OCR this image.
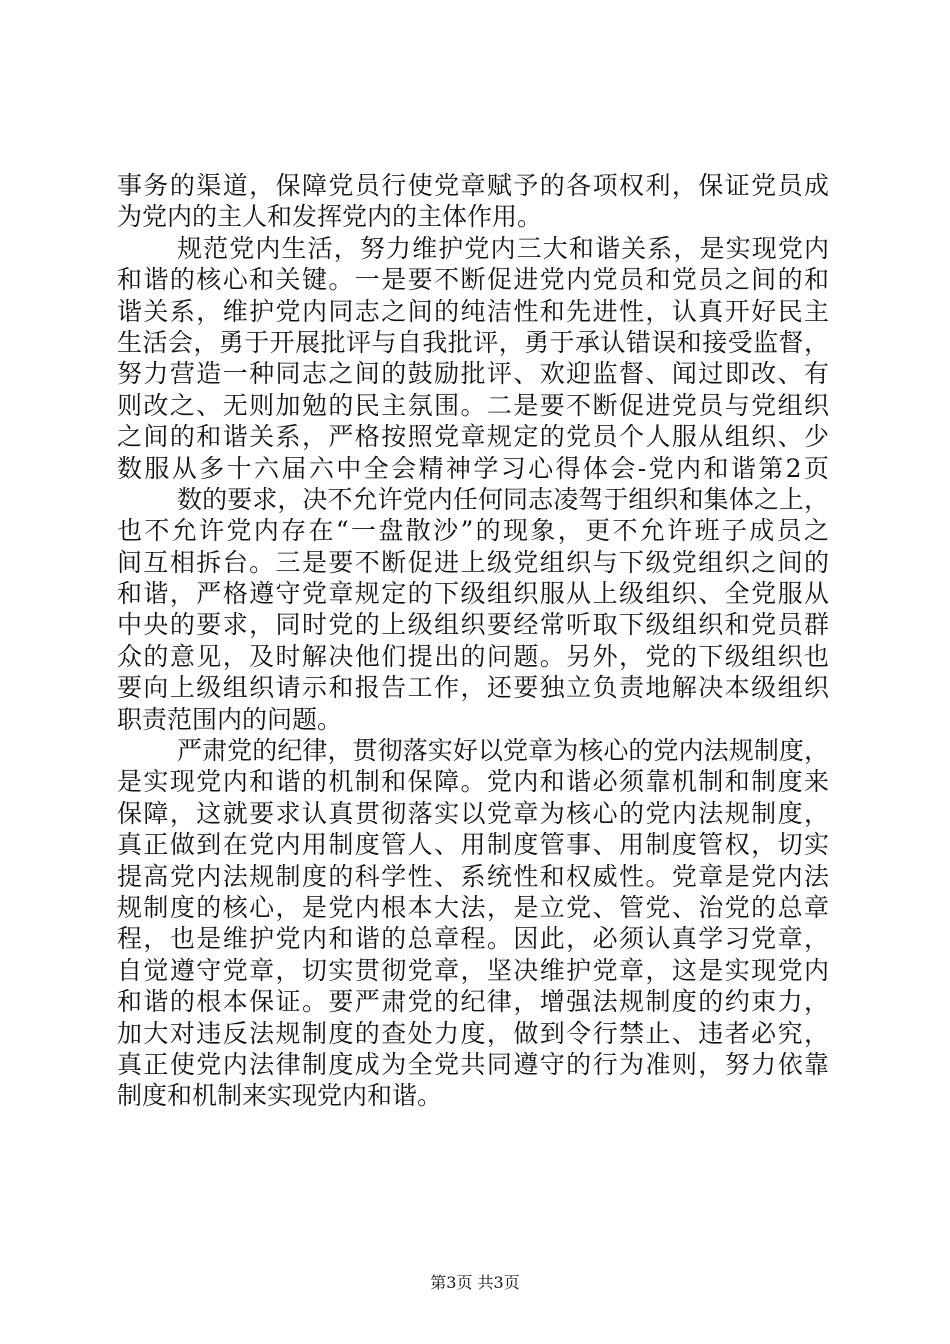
事务的渠道，保障党员行使党章赋予的各项权利，保证党员成
为党内的主人和发挥党内的主体作用。
规范党内生活，努力维护党内三大和谐关系，是实现党内
和谐的核心和关键。一是要不断促进党内党员和党员之间的和
谐关系，维护党内同志之间的纯洁性和先进性，认真开好民主
生活会，勇于开展批评与自我批评，勇于承认错误和接受监督，
努力营造一种同志之间的鼓励批评、欢迎监督、闻过即改、有
则改之、无则加勉的民主氛围。二是要不断促进党员与党组织
之间的和谐关系，严格按照党章规定的党员个人服从组织、少
数服从多十六届六中全会精神学习心得体会-党内和谐第2页
数的要求，决不允许党内任何同志凌驾于组织和集体之上，
也不允许党内存在“一盘散沙”的现象，更不允许班子成员之
间互相拆台。三是要不断促进上级党组织与下级党组织之间的
和谐，严格遵守党章规定的下级组织服从上级组织、全党服从
中央的要求，同时党的上级组织要经常听取下级组织和党员群
众的意见，及时解决他们提出的问题。另外，党的下级组织也
要向上级组织请示和报告工作，还要独立负责地解决本级组织
职责范围内的问题。
严肃党的纪律，贯彻落实好以党章为核心的党内法规制度，
是实现党内和谐的机制和保障。党内和谐必须靠机制和制度来
保障，这就要求认真贯彻落实以党章为核心的党内法规制度，
真正做到在党内用制度管人、用制度管事、用制度管权，切实
提高党内法规制度的科学性、系统性和权威性。党章是党内法
规制度的核心，是党内根本大法，是立党、管党、治党的总章
程，也是维护党内和谐的总章程。因此，必须认真学习党章，
自觉遵守党章，切实贯彻党章，坚决维护党章，这是实现党内
和谐的根本保证。要严肃党的纪律，增强法规制度的约束力，
加大对违反法规制度的查处力度，做到令行禁止、违者必究，
真正使党内法律制度成为全党共同遵守的行为准则，努力依靠
制度和机制来实现党内和谐。
第3页 共3页
